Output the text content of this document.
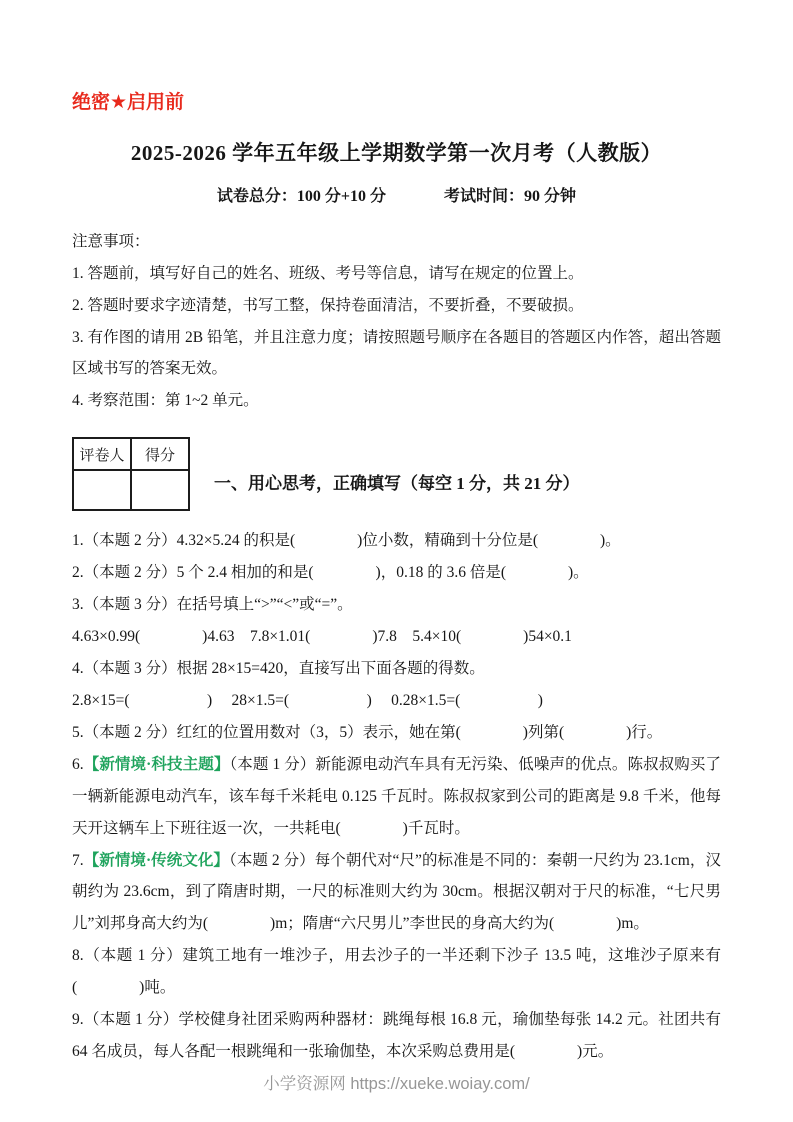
绝密★启用前
2025-2026 学年五年级上学期数学第一次月考（人教版）
试卷总分：100 分+10 分	考试时间：90 分钟

注意事项：

1. 答题前，填写好自己的姓名、班级、考号等信息，请写在规定的位置上。

2. 答题时要求字迹清楚，书写工整，保持卷面清洁，不要折叠，不要破损。

3. 有作图的请用 2B 铅笔，并且注意力度；请按照题号顺序在各题目的答题区内作答，超出答题区域书写的答案无效。

4. 考察范围：第 1~2 单元。

评卷人	得分

一、用心思考，正确填写（每空 1 分，共 21 分）

1.（本题 2 分）4.32×5.24 的积是(　　　　)位小数，精确到十分位是(　　　　)。

2.（本题 2 分）5 个 2.4 相加的和是(　　　　)，0.18 的 3.6 倍是(　　　　)。

3.（本题 3 分）在括号填上“>”“<”或“=”。

4.63×0.99(　　　　)4.63　7.8×1.01(　　　　)7.8　5.4×10(　　　　)54×0.1

4.（本题 3 分）根据 28×15=420，直接写出下面各题的得数。

2.8×15=(　　　　　)　 28×1.5=(　　　　　)　 0.28×1.5=(　　　　　)

5.（本题 2 分）红红的位置用数对（3，5）表示，她在第(　　　　)列第(　　　　)行。

6.【新情境·科技主题】（本题 1 分）新能源电动汽车具有无污染、低噪声的优点。陈叔叔购买了一辆新能源电动汽车，该车每千米耗电 0.125 千瓦时。陈叔叔家到公司的距离是 9.8 千米，他每天开这辆车上下班往返一次，一共耗电(　　　　)千瓦时。

7.【新情境·传统文化】（本题 2 分）每个朝代对“尺”的标准是不同的：秦朝一尺约为 23.1cm，汉朝约为 23.6cm，到了隋唐时期，一尺的标准则大约为 30cm。根据汉朝对于尺的标准，“七尺男儿”刘邦身高大约为(　　　　)m；隋唐“六尺男儿”李世民的身高大约为(　　　　)m。

8.（本题 1 分）建筑工地有一堆沙子，用去沙子的一半还剩下沙子 13.5 吨，这堆沙子原来有(　　　　)吨。

9.（本题 1 分）学校健身社团采购两种器材：跳绳每根 16.8 元，瑜伽垫每张 14.2 元。社团共有 64 名成员，每人各配一根跳绳和一张瑜伽垫，本次采购总费用是(　　　　)元。

小学资源网 https://xueke.woiay.com/
